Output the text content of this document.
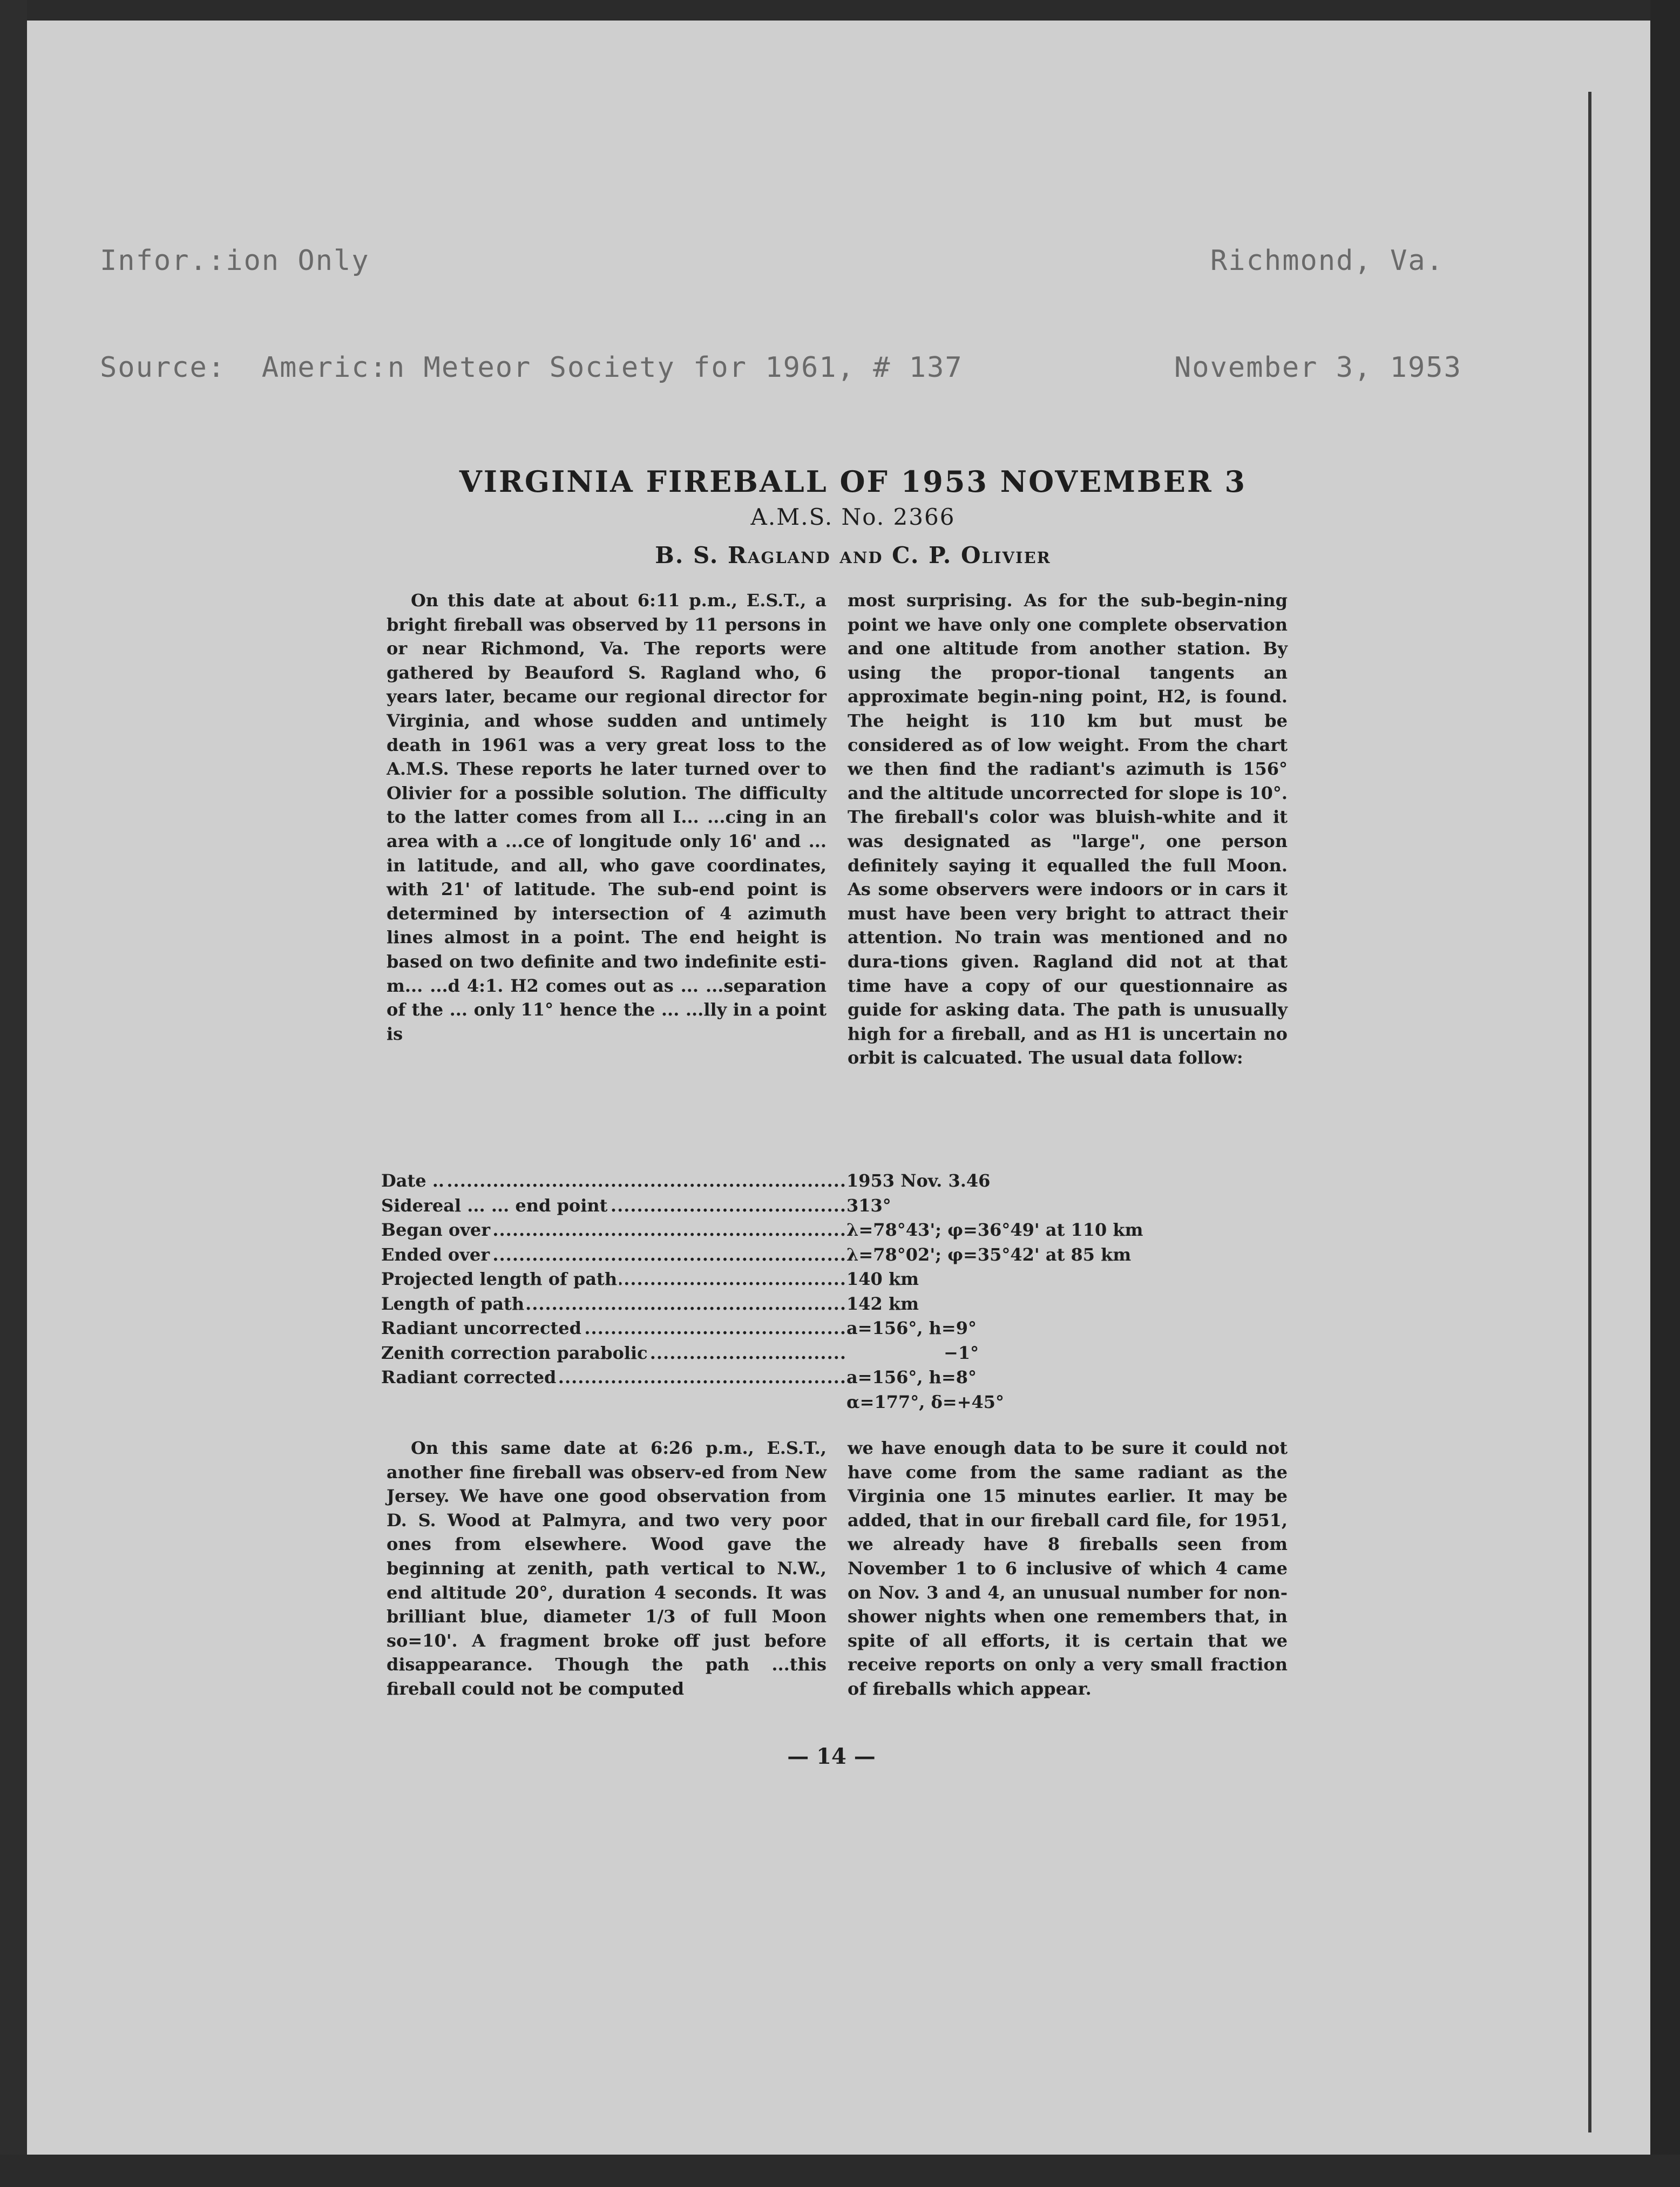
Infor.:ion Only

Source:  Americ:n Meteor Society for 1961, # 137

Richmond, Va.

November 3, 1953

VIRGINIA FIREBALL OF 1953 NOVEMBER 3
A.M.S. No. 2366
B. S. Ragland and C. P. Olivier

On this date at about 6:11 p.m., E.S.T., a bright fireball was observed by 11 persons in or near Richmond, Va. The reports were gathered by Beauford S. Ragland who, 6 years later, became our regional director for Virginia, and whose sudden and untimely death in 1961 was a very great loss to the A.M.S. These reports he later turned over to Olivier for a possible solution. The difficulty to the latter comes from all I... ...cing in an area with a ...ce of longitude only 16' and ... in latitude, and all, who gave coordinates, with 21' of latitude. The sub-end point is determined by intersection of 4 azimuth lines almost in a point. The end height is based on two definite and two indefinite esti-m... ...d 4:1. H2 comes out as ... ...separation of the ... only 11° hence the ... ...lly in a point is

most surprising. As for the sub-begin-ning point we have only one complete observation and one altitude from another station. By using the propor-tional tangents an approximate begin-ning point, H2, is found. The height is 110 km but must be considered as of low weight. From the chart we then find the radiant's azimuth is 156° and the altitude uncorrected for slope is 10°. The fireball's color was bluish-white and it was designated as "large", one person definitely saying it equalled the full Moon. As some observers were indoors or in cars it must have been very bright to attract their attention. No train was mentioned and no dura-tions given. Ragland did not at that time have a copy of our questionnaire as guide for asking data. The path is unusually high for a fireball, and as H1 is uncertain no orbit is calcuated. The usual data follow:

Date .. .....	1953 Nov. 3.46
Sidereal ... ... end point .....	313°
Began over .....	λ=78°43'; φ=36°49' at 110 km
Ended over .....	λ=78°02'; φ=35°42' at 85 km
Projected length of path .....	140 km
Length of path .....	142 km
Radiant uncorrected .....	a=156°, h=9°
Zenith correction parabolic .....	−1°
Radiant corrected .....	a=156°, h=8°
α=177°, δ=+45°

On this same date at 6:26 p.m., E.S.T., another fine fireball was observ-ed from New Jersey. We have one good observation from D. S. Wood at Palmyra, and two very poor ones from elsewhere. Wood gave the beginning at zenith, path vertical to N.W., end altitude 20°, duration 4 seconds. It was brilliant blue, diameter 1/3 of full Moon so=10'. A fragment broke off just before disappearance. Though the path ...this fireball could not be computed

we have enough data to be sure it could not have come from the same radiant as the Virginia one 15 minutes earlier. It may be added, that in our fireball card file, for 1951, we already have 8 fireballs seen from November 1 to 6 inclusive of which 4 came on Nov. 3 and 4, an unusual number for non-shower nights when one remembers that, in spite of all efforts, it is certain that we receive reports on only a very small fraction of fireballs which appear.

— 14 —
